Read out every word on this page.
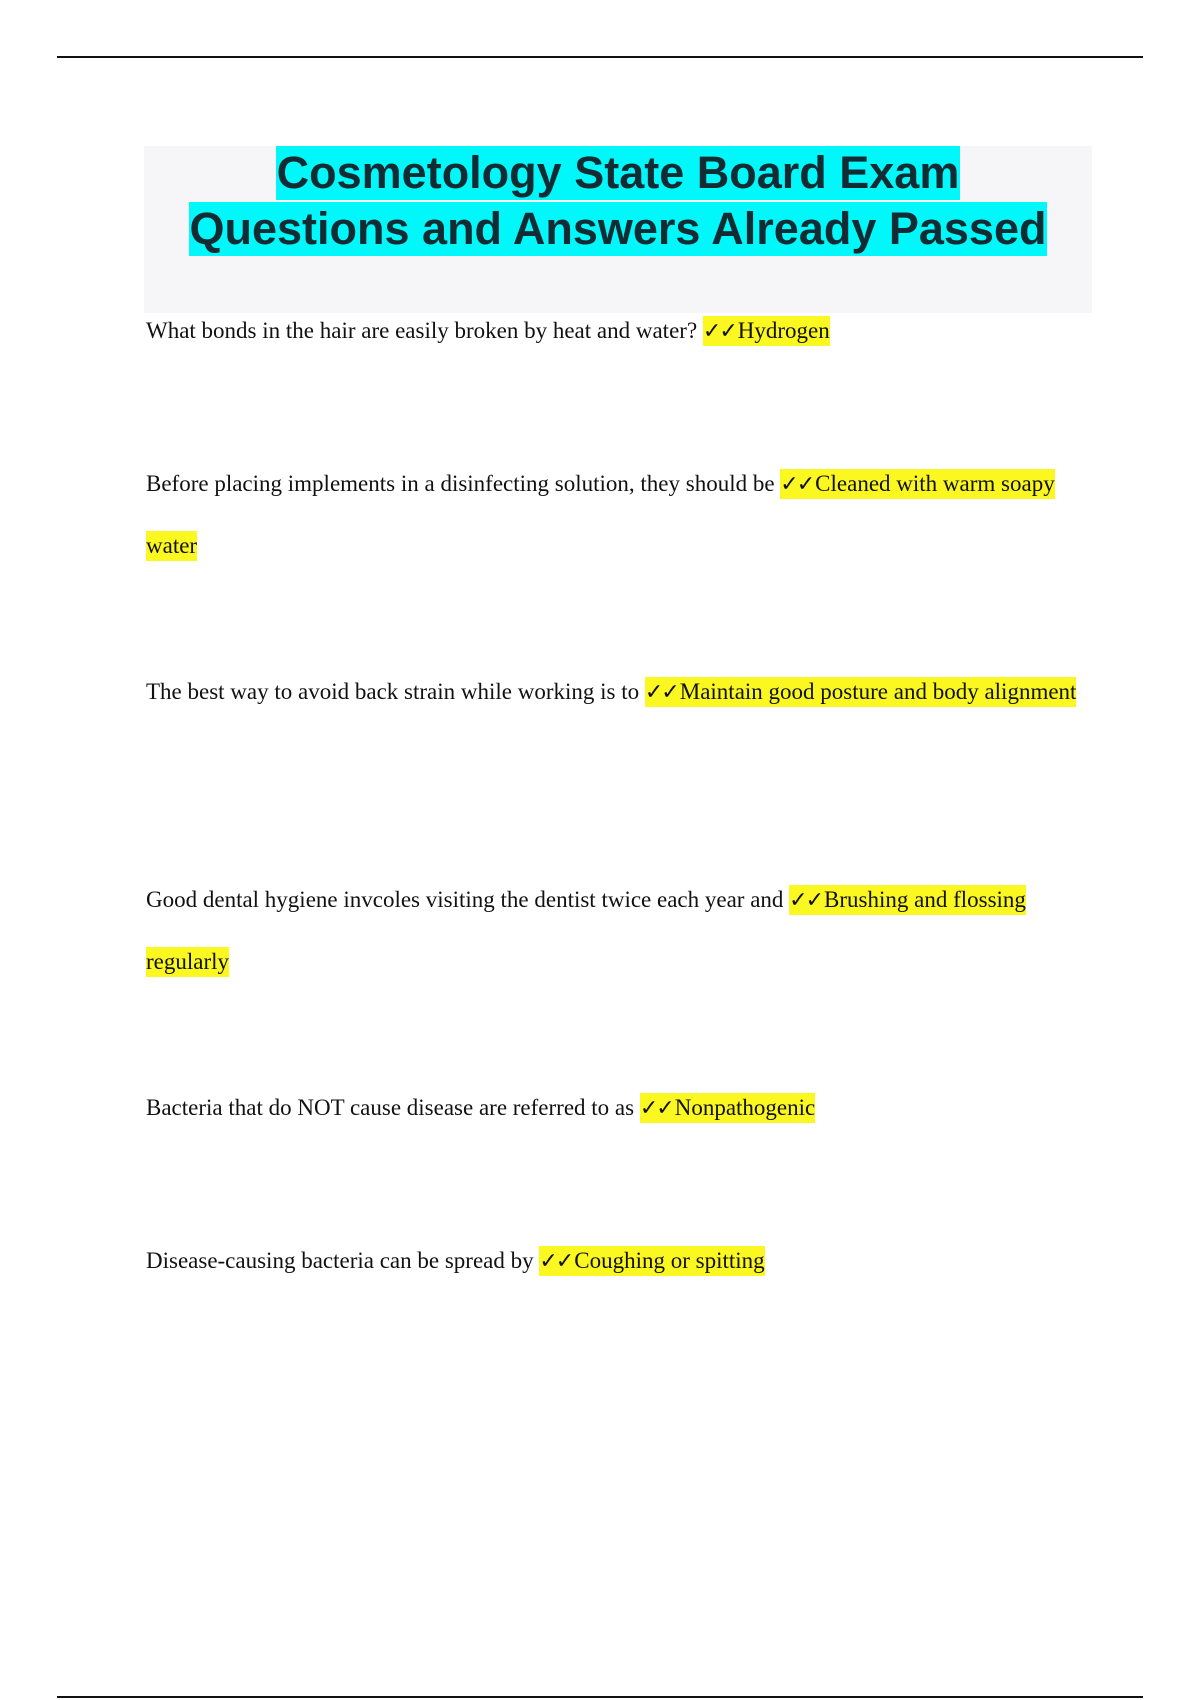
Cosmetology State Board Exam
Questions and Answers Already Passed

What bonds in the hair are easily broken by heat and water? ✓✓Hydrogen

Before placing implements in a disinfecting solution, they should be ✓✓Cleaned with warm soapy water

The best way to avoid back strain while working is to ✓✓Maintain good posture and body alignment

Good dental hygiene invcoles visiting the dentist twice each year and ✓✓Brushing and flossing regularly

Bacteria that do NOT cause disease are referred to as ✓✓Nonpathogenic

Disease-causing bacteria can be spread by ✓✓Coughing or spitting
